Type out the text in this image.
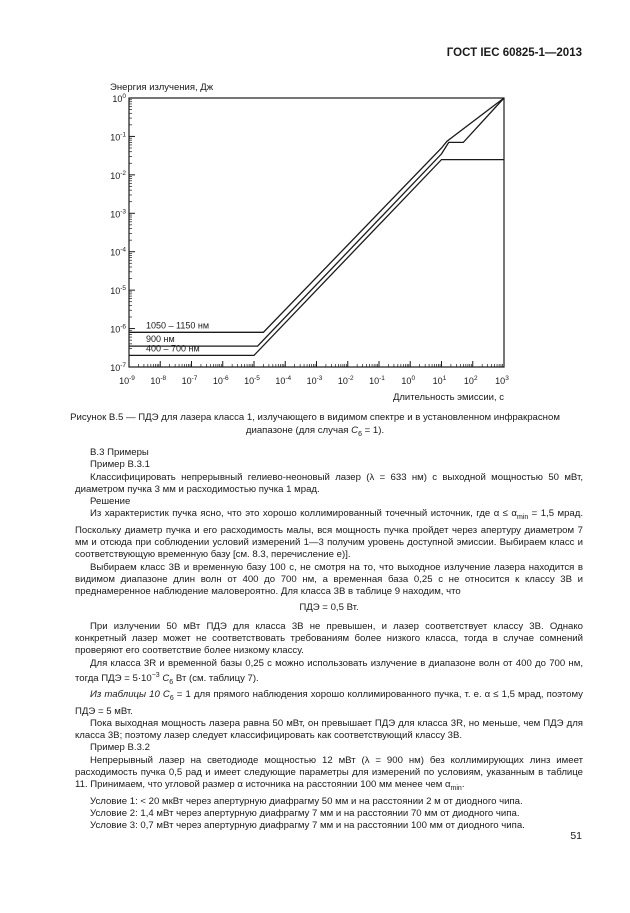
ГОСТ IEC 60825-1—2013
Энергия излучения, Дж
Длительность эмиссии, с
$10^0$
$10^{-1}$
$10^{-2}$
$10^{-3}$
$10^{-4}$
$10^{-5}$
$10^{-6}$
$10^{-7}$
$10^{-9}$ $10^{-8}$ $10^{-7}$ $10^{-6}$ $10^{-5}$ $10^{-4}$ $10^{-3}$ $10^{-2}$ $10^{-1}$ $10^0$ $10^1$ $10^2$ $10^3$
1050 – 1150 нм
900 нм
400 – 700 нм
Рисунок В.5 — ПДЭ для лазера класса 1, излучающего в видимом спектре и в установленном инфракрасном
диапазоне (для случая $C_6 = 1$).

В.3 Примеры

Пример В.3.1

Классифицировать непрерывный гелиево-неоновый лазер (λ = 633 нм) с выходной мощностью 50 мВт, диаметром пучка 3 мм и расходимостью пучка 1 мрад.

Решение

Из характеристик пучка ясно, что это хорошо коллимированный точечный источник, где $\alpha \le \alpha_{min} = 1,5$ мрад. Поскольку диаметр пучка и его расходимость малы, вся мощность пучка пройдет через апертуру диаметром 7 мм и отсюда при соблюдении условий измерений 1—3 получим уровень доступной эмиссии. Выбираем класс и соответствующую временную базу [см. 8.3, перечисление е)].

Выбираем класс 3В и временную базу 100 с, не смотря на то, что выходное излучение лазера находится в видимом диапазоне длин волн от 400 до 700 нм, а временная база 0,25 с не относится к классу 3В и преднамеренное наблюдение маловероятно. Для класса 3В в таблице 9 находим, что

ПДЭ = 0,5 Вт.

При излучении 50 мВт ПДЭ для класса 3В не превышен, и лазер соответствует классу 3В. Однако конкретный лазер может не соответствовать требованиям более низкого класса, тогда в случае сомнений проверяют его соответствие более низкому классу.

Для класса 3R и временной базы 0,25 с можно использовать излучение в диапазоне волн от 400 до 700 нм, тогда ПДЭ = $5\cdot 10^{-3}$ $C_6$ Вт (см. таблицу 7).

Из таблицы 10 $C_6 = 1$ для прямого наблюдения хорошо коллимированного пучка, т. е. α ≤ 1,5 мрад, поэтому ПДЭ = 5 мВт.

Пока выходная мощность лазера равна 50 мВт, он превышает ПДЭ для класса 3R, но меньше, чем ПДЭ для класса 3В; поэтому лазер следует классифицировать как соответствующий классу 3В.

Пример В.3.2

Непрерывный лазер на светодиоде мощностью 12 мВт (λ = 900 нм) без коллимирующих линз имеет расходимость пучка 0,5 рад и имеет следующие параметры для измерений по условиям, указанным в таблице 11. Принимаем, что угловой размер α источника на расстоянии 100 мм менее чем $\alpha_{min}$.

Условие 1: < 20 мкВт через апертурную диафрагму 50 мм и на расстоянии 2 м от диодного чипа.

Условие 2: 1,4 мВт через апертурную диафрагму 7 мм и на расстоянии 70 мм от диодного чипа.

Условие 3: 0,7 мВт через апертурную диафрагму 7 мм и на расстоянии 100 мм от диодного чипа.

51
